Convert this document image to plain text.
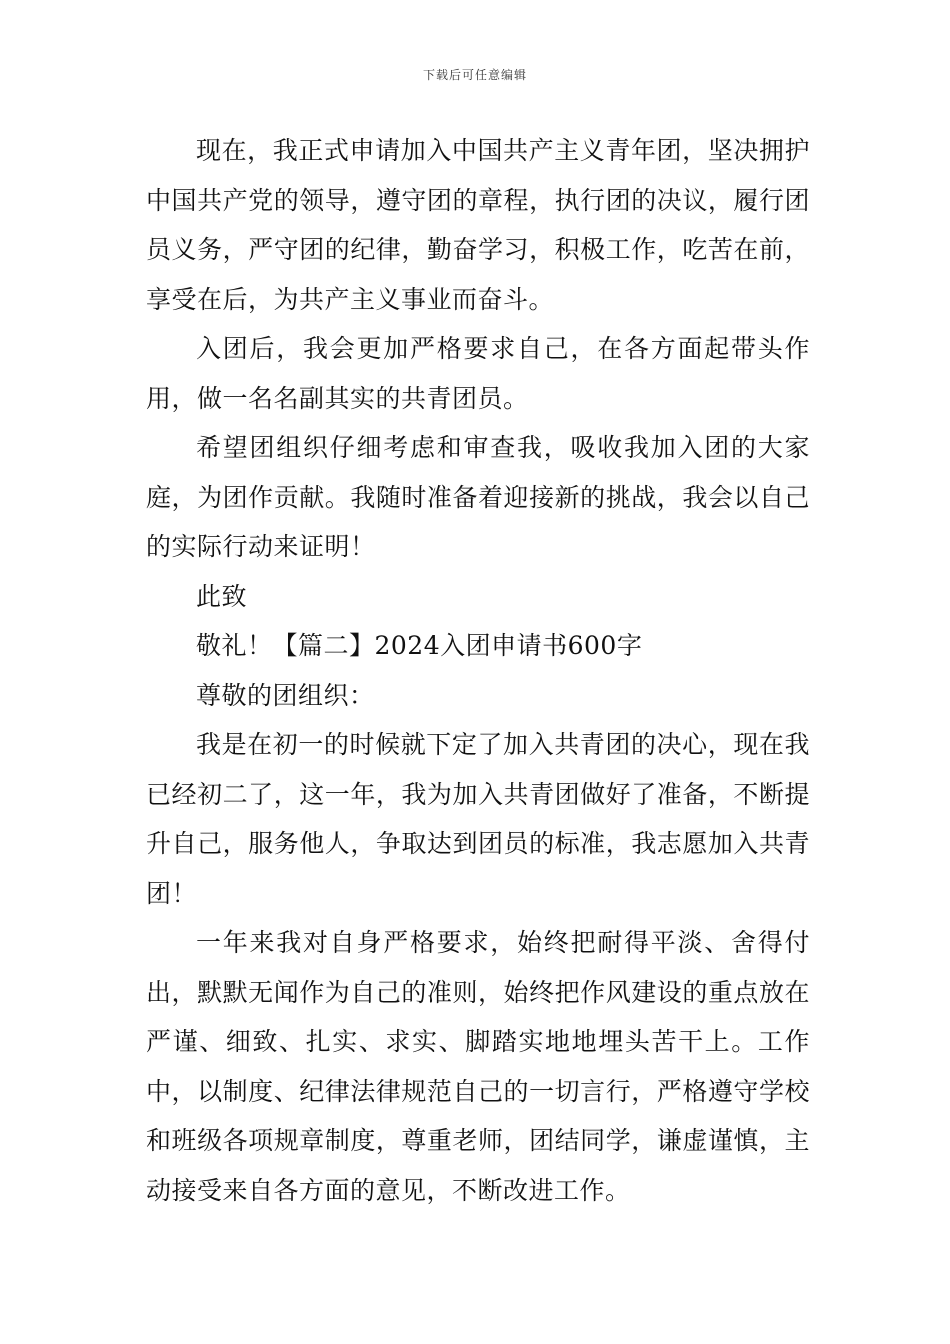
下载后可任意编辑

现在，我正式申请加入中国共产主义青年团，坚决拥护中国共产党的领导，遵守团的章程，执行团的决议，履行团员义务，严守团的纪律，勤奋学习，积极工作，吃苦在前，享受在后，为共产主义事业而奋斗。

入团后，我会更加严格要求自己，在各方面起带头作用，做一名名副其实的共青团员。

希望团组织仔细考虑和审查我，吸收我加入团的大家庭，为团作贡献。我随时准备着迎接新的挑战，我会以自己的实际行动来证明！

此致

敬礼！【篇二】2024入团申请书600字

尊敬的团组织：

我是在初一的时候就下定了加入共青团的决心，现在我已经初二了，这一年，我为加入共青团做好了准备，不断提升自己，服务他人，争取达到团员的标准，我志愿加入共青团！

一年来我对自身严格要求，始终把耐得平淡、舍得付出，默默无闻作为自己的准则，始终把作风建设的重点放在严谨、细致、扎实、求实、脚踏实地地埋头苦干上。工作中，以制度、纪律法律规范自己的一切言行，严格遵守学校和班级各项规章制度，尊重老师，团结同学，谦虚谨慎，主动接受来自各方面的意见，不断改进工作。
